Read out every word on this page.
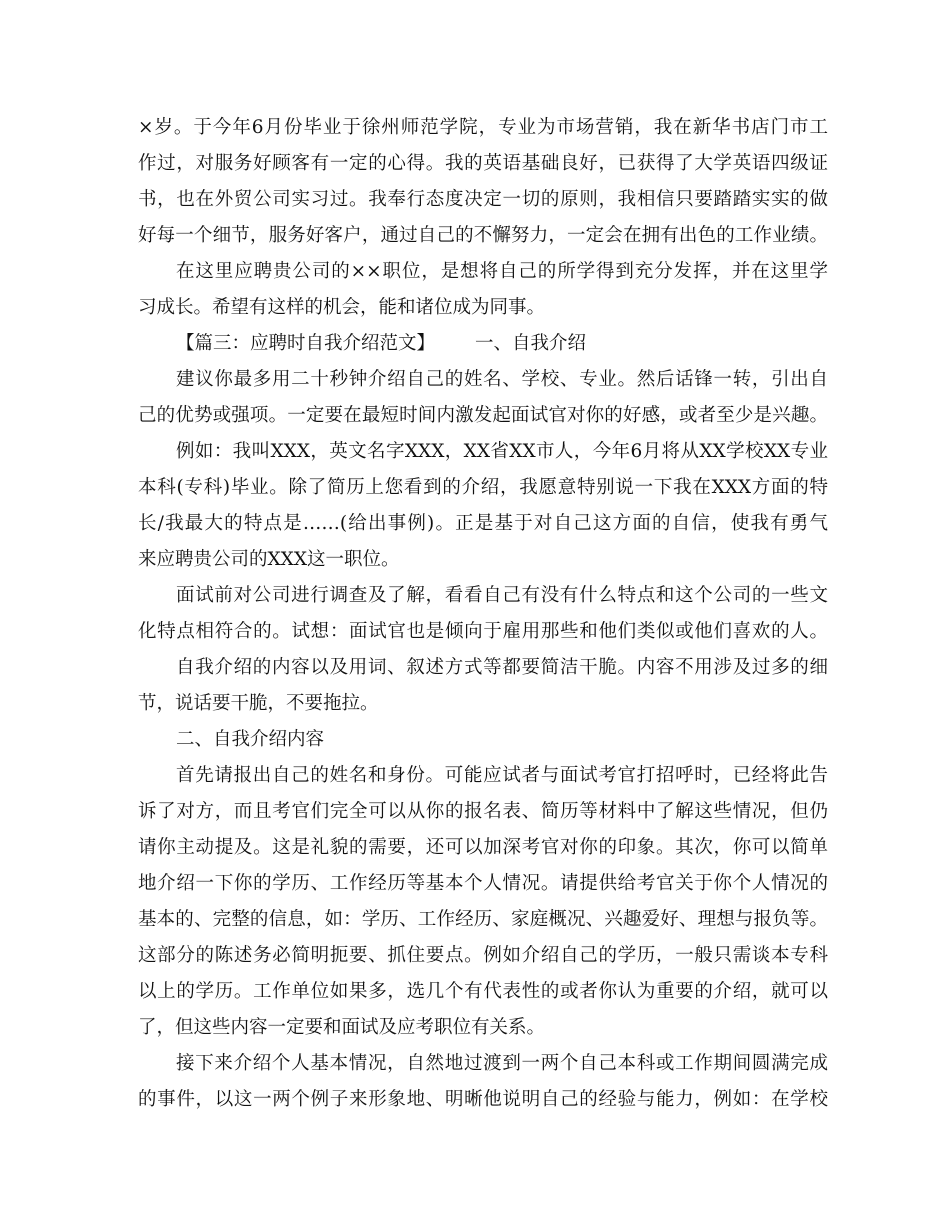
×岁。于今年6月份毕业于徐州师范学院，专业为市场营销，我在新华书店门市工
作过，对服务好顾客有一定的心得。我的英语基础良好，已获得了大学英语四级证
书，也在外贸公司实习过。我奉行态度决定一切的原则，我相信只要踏踏实实的做
好每一个细节，服务好客户，通过自己的不懈努力，一定会在拥有出色的工作业绩。
在这里应聘贵公司的××职位，是想将自己的所学得到充分发挥，并在这里学
习成长。希望有这样的机会，能和诸位成为同事。
【篇三：应聘时自我介绍范文】 一、自我介绍
建议你最多用二十秒钟介绍自己的姓名、学校、专业。然后话锋一转，引出自
己的优势或强项。一定要在最短时间内激发起面试官对你的好感，或者至少是兴趣。
例如：我叫XXX，英文名字XXX，XX省XX市人，今年6月将从XX学校XX专业
本科(专科)毕业。除了简历上您看到的介绍，我愿意特别说一下我在XXX方面的特
长/我最大的特点是……(给出事例)。正是基于对自己这方面的自信，使我有勇气
来应聘贵公司的XXX这一职位。
面试前对公司进行调查及了解，看看自己有没有什么特点和这个公司的一些文
化特点相符合的。试想：面试官也是倾向于雇用那些和他们类似或他们喜欢的人。
自我介绍的内容以及用词、叙述方式等都要简洁干脆。内容不用涉及过多的细
节，说话要干脆，不要拖拉。
二、自我介绍内容
首先请报出自己的姓名和身份。可能应试者与面试考官打招呼时，已经将此告
诉了对方，而且考官们完全可以从你的报名表、简历等材料中了解这些情况，但仍
请你主动提及。这是礼貌的需要，还可以加深考官对你的印象。其次，你可以简单
地介绍一下你的学历、工作经历等基本个人情况。请提供给考官关于你个人情况的
基本的、完整的信息，如：学历、工作经历、家庭概况、兴趣爱好、理想与报负等。
这部分的陈述务必简明扼要、抓住要点。例如介绍自己的学历，一般只需谈本专科
以上的学历。工作单位如果多，选几个有代表性的或者你认为重要的介绍，就可以
了，但这些内容一定要和面试及应考职位有关系。
接下来介绍个人基本情况，自然地过渡到一两个自己本科或工作期间圆满完成
的事件，以这一两个例子来形象地、明晰他说明自己的经验与能力，例如：在学校
